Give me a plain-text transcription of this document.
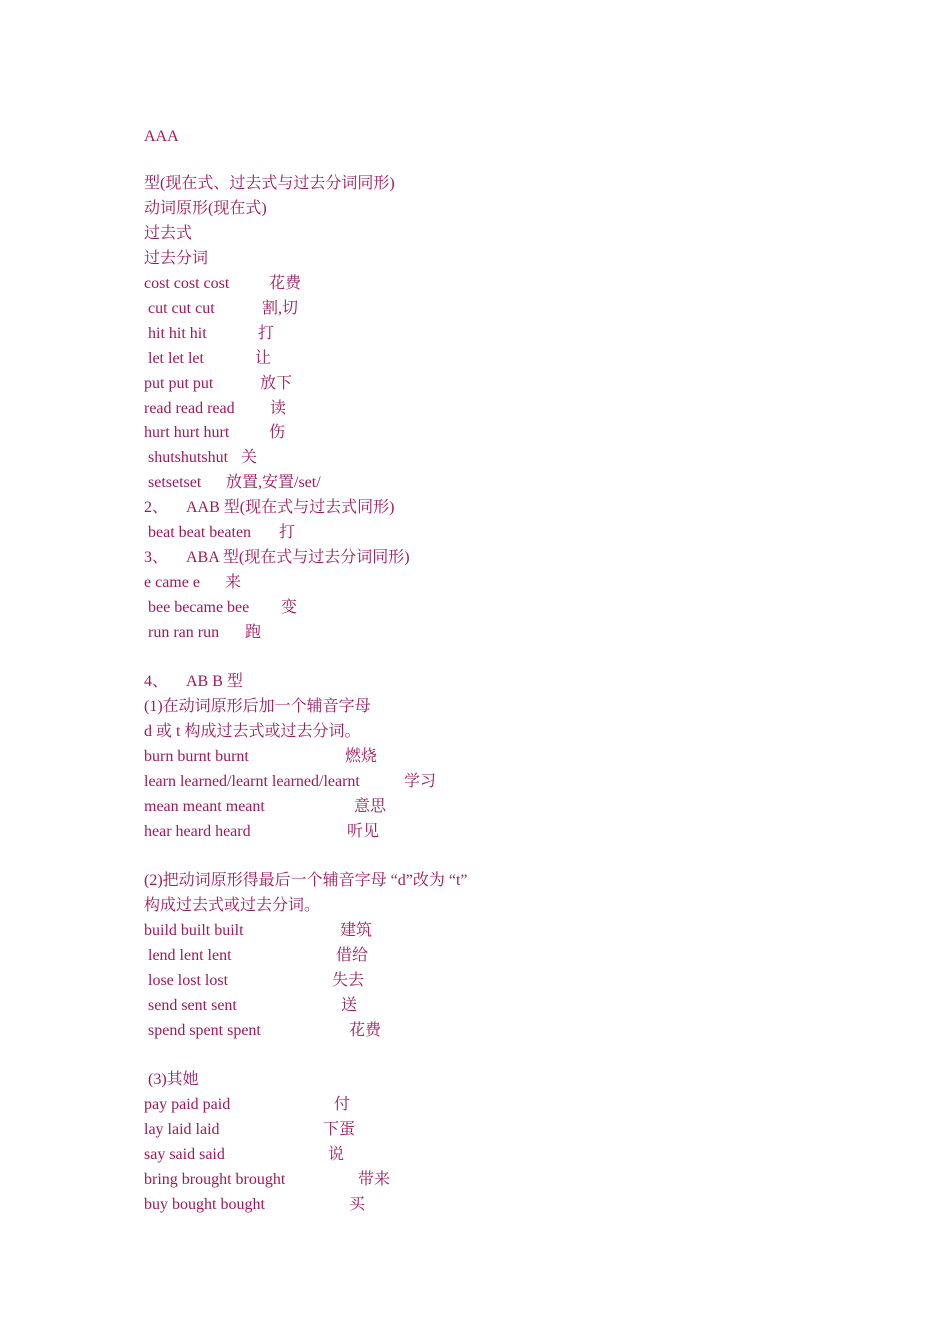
AAA
型(现在式、过去式与过去分词同形)
动词原形(现在式)
过去式
过去分词
cost cost cost 花费
cut cut cut	割,切
hit hit hit	打
let let let	让
put put put	放下
read read read 读
hurt hurt hurt 伤
shutshutshut 关
setsetset 放置,安置/set/
2、 AAB 型(现在式与过去式同形)
beat beat beaten 打
3、 ABA 型(现在式与过去分词同形)
e came e 来
bee became bee 变
run ran run 跑
4、 AB B 型
(1)在动词原形后加一个辅音字母
d 或 t 构成过去式或过去分词。
burn burnt burnt	燃烧
learn learned/learnt learned/learnt	学习
mean meant meant	意思
hear heard heard	听见
(2)把动词原形得最后一个辅音字母 “d”改为 “t”
构成过去式或过去分词。
build built built	建筑
lend lent lent	借给
lose lost lost	失去
send sent sent	送
spend spent spent	花费
(3)其她
pay paid paid	付
lay laid laid	下蛋
say said said	说
bring brought brought	带来
buy bought bought	买
